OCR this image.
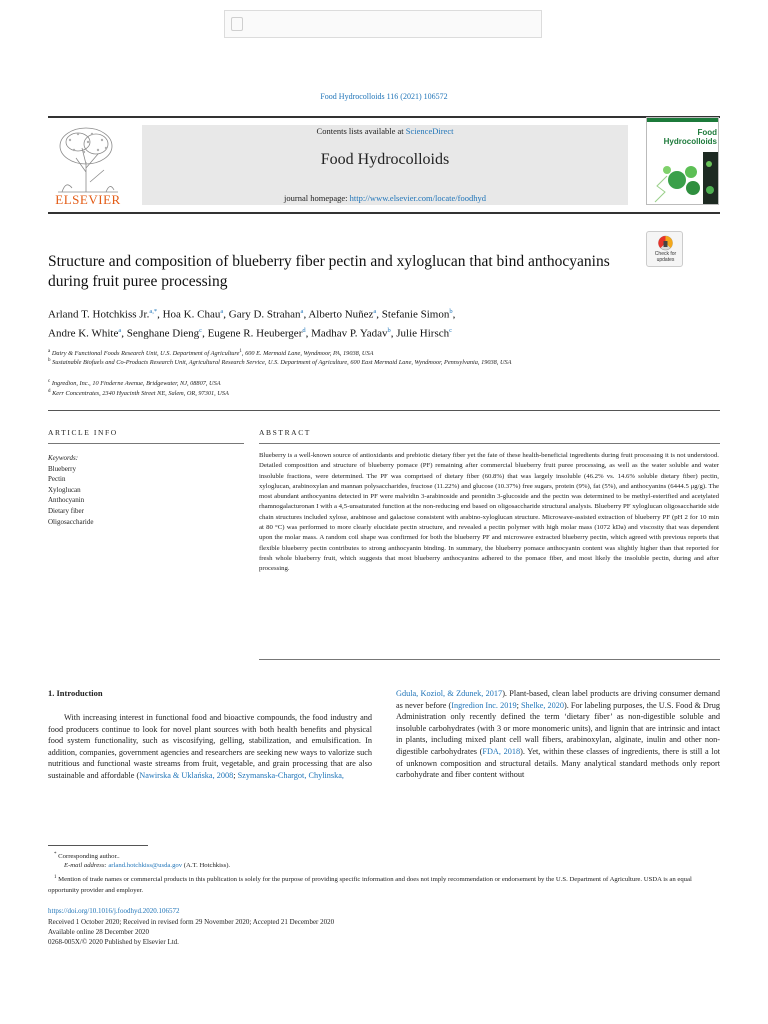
Food Hydrocolloids 116 (2021) 106572
ELSEVIER
Contents lists available at ScienceDirect
Food Hydrocolloids
journal homepage: http://www.elsevier.com/locate/foodhyd
Food Hydrocolloids
Structure and composition of blueberry fiber pectin and xyloglucan that bind anthocyanins during fruit puree processing
Check for updates
Arland T. Hotchkiss Jr.$^{a,*}$, Hoa K. Chau$^a$, Gary D. Strahan$^a$, Alberto Nuñez$^a$, Stefanie Simon$^b$,
Andre K. White$^a$, Senghane Dieng$^c$, Eugene R. Heuberger$^d$, Madhav P. Yadav$^b$, Julie Hirsch$^c$
$^a$ Dairy & Functional Foods Research Unit, U.S. Department of Agriculture$^1$, 600 E. Mermaid Lane, Wyndmoor, PA, 19038, USA
$^b$ Sustainable Biofuels and Co-Products Research Unit, Agricultural Research Service, U.S. Department of Agriculture, 600 East Mermaid Lane, Wyndmoor, Pennsylvania, 19038, USA
$^c$ Ingredion, Inc., 10 Finderne Avenue, Bridgewater, NJ, 08807, USA
$^d$ Kerr Concentrates, 2340 Hyacinth Street NE, Salem, OR, 97301, USA
ARTICLE INFO
Keywords:
Blueberry
Pectin
Xyloglucan
Anthocyanin
Dietary fiber
Oligosaccharide
ABSTRACT
Blueberry is a well-known source of antioxidants and prebiotic dietary fiber yet the fate of these health-beneficial ingredients during fruit processing it is not understood. Detailed composition and structure of blueberry pomace (PF) remaining after commercial blueberry fruit puree processing, as well as the water soluble and water insoluble fractions, were determined. The PF was comprised of dietary fiber (60.8%) that was largely insoluble (46.2% vs. 14.6% soluble dietary fiber) pectin, xyloglucan, arabinoxylan and mannan polysaccharides, fructose (11.22%) and glucose (10.37%) free sugars, protein (9%), fat (5%), and anthocyanins (6444.5 μg/g). The most abundant anthocyanins detected in PF were malvidin 3-arabinoside and peonidin 3-glucoside and the pectin was determined to be methyl-esterified and acetylated rhamnogalacturonan I with a 4,5-unsaturated function at the non-reducing end based on oligosaccharide structural analysis. Blueberry PF xyloglucan oligosaccharide side chain structures included xylose, arabinose and galactose consistent with arabino-xyloglucan structure. Microwave-assisted extraction of blueberry PF (pH 2 for 10 min at 80 °C) was performed to more clearly elucidate pectin structure, and revealed a pectin polymer with high molar mass (1072 kDa) and viscosity that was dependent upon the molar mass. A random coil shape was confirmed for both the blueberry PF and microwave extracted blueberry pectin, which agreed with previous reports that flexible blueberry pectin contributes to strong anthocyanin binding. In summary, the blueberry pomace anthocyanin content was slightly higher than that reported for fresh whole blueberry fruit, which suggests that most blueberry anthocyanins adhered to the pomace fiber, and most likely the insoluble pectin, during and after processing.
1. Introduction
With increasing interest in functional food and bioactive compounds, the food industry and food producers continue to look for novel plant sources with both health benefits and physical food system functionality, such as viscosifying, gelling, stabilization, and emulsification. In addition, companies, government agencies and researchers are seeking new ways to valorize such nutritious and functional waste streams from fruit, vegetable, and grain processing that are also sustainable and affordable (Nawirska & Uklańska, 2008; Szymanska-Chargot, Chylinska,
Gdula, Koziol, & Zdunek, 2017). Plant-based, clean label products are driving consumer demand as never before (Ingredion Inc. 2019; Shelke, 2020). For labeling purposes, the U.S. Food & Drug Administration only recently defined the term ‘dietary fiber’ as non-digestible soluble and insoluble carbohydrates (with 3 or more monomeric units), and lignin that are intrinsic and intact in plants, including mixed plant cell wall fibers, arabinoxylan, alginate, inulin and other non-digestible carbohydrates (FDA, 2018). Yet, within these classes of ingredients, there is still a lot of unknown composition and structural details. Many analytical standard methods only report carbohydrate and fiber content without
* Corresponding author..
E-mail address: arland.hotchkiss@usda.gov (A.T. Hotchkiss).
$^1$ Mention of trade names or commercial products in this publication is solely for the purpose of providing specific information and does not imply recommendation or endorsement by the U.S. Department of Agriculture. USDA is an equal opportunity provider and employer.
https://doi.org/10.1016/j.foodhyd.2020.106572
Received 1 October 2020; Received in revised form 29 November 2020; Accepted 21 December 2020
Available online 28 December 2020
0268-005X/© 2020 Published by Elsevier Ltd.
